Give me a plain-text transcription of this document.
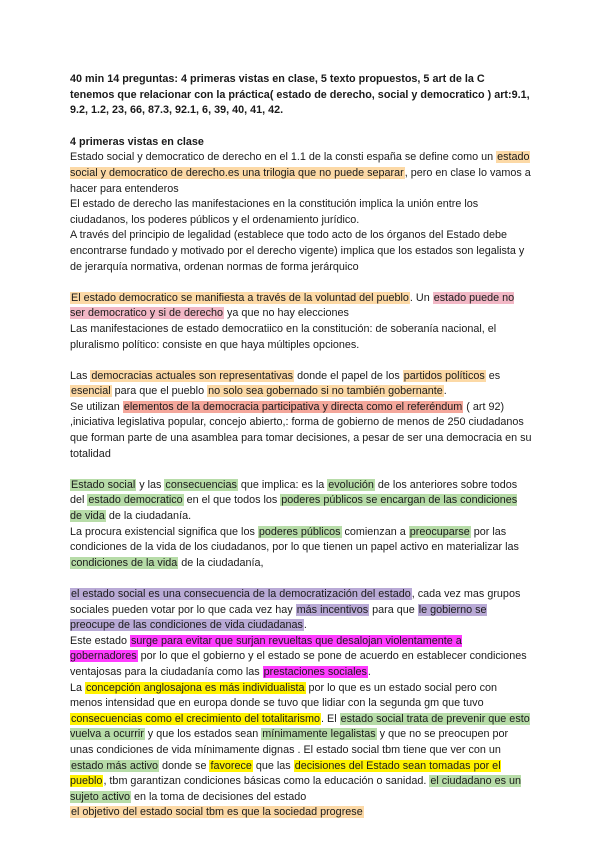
40 min 14 preguntas: 4 primeras vistas en clase, 5 texto propuestos, 5 art de la C tenemos que relacionar con la práctica( estado de derecho, social y democratico ) art:9.1, 9.2, 1.2, 23, 66, 87.3, 92.1, 6, 39, 40, 41, 42.

4 primeras vistas en clase

Estado social y democratico de derecho en el 1.1 de la consti españa se define como un estado social y democratico de derecho.es una trilogia que no puede separar, pero en clase lo vamos a hacer para entenderos

El estado de derecho las manifestaciones en la constitución implica la unión entre los ciudadanos, los poderes públicos y el ordenamiento jurídico.

A través del principio de legalidad (establece que todo acto de los órganos del Estado debe encontrarse fundado y motivado por el derecho vigente) implica que los estados son legalista y de jerarquía normativa, ordenan normas de forma jerárquico

El estado democratico se manifiesta a través de la voluntad del pueblo. Un estado puede no ser democratico y si de derecho ya que no hay elecciones

Las manifestaciones de estado democratiico en la constitución: de soberanía nacional, el pluralismo político: consiste en que haya múltiples opciones.

Las democracias actuales son representativas donde el papel de los partidos políticos es esencial para que el pueblo no solo sea gobernado si no también gobernante.

Se utilizan elementos de la democracia participativa y directa como el referéndum ( art 92) ,iniciativa legislativa popular, concejo abierto,: forma de gobierno de menos de 250 ciudadanos que forman parte de una asamblea para tomar decisiones, a pesar de ser una democracia en su totalidad

Estado social y las consecuencias que implica: es la evolución de los anteriores sobre todos del estado democratico en el que todos los poderes públicos se encargan de las condiciones de vida de la ciudadanía.

La procura existencial significa que los poderes públicos comienzan a preocuparse por las condiciones de la vida de los ciudadanos, por lo que tienen un papel activo en materializar las condiciones de la vida de la ciudadanía,

el estado social es una consecuencia de la democratización del estado, cada vez mas grupos sociales pueden votar por lo que cada vez hay más incentivos para que le gobierno se preocupe de las condiciones de vida ciudadanas.

Este estado surge para evitar que surjan revueltas que desalojan violentamente a gobernadores por lo que el gobierno y el estado se pone de acuerdo en establecer condiciones ventajosas para la ciudadanía como las prestaciones sociales.

La concepción anglosajona es más individualista por lo que es un estado social pero con menos intensidad que en europa donde se tuvo que lidiar con la segunda gm que tuvo consecuencias como el crecimiento del totalitarismo. El estado social trata de prevenir que esto vuelva a ocurrir y que los estados sean mínimamente legalistas y que no se preocupen por unas condiciones de vida mínimamente dignas . El estado social tbm tiene que ver con un estado más activo donde se favorece que las decisiones del Estado sean tomadas por el pueblo, tbm garantizan condiciones básicas como la educación o sanidad. el ciudadano es un sujeto activo en la toma de decisiones del estado

el objetivo del estado social tbm es que la sociedad progrese
